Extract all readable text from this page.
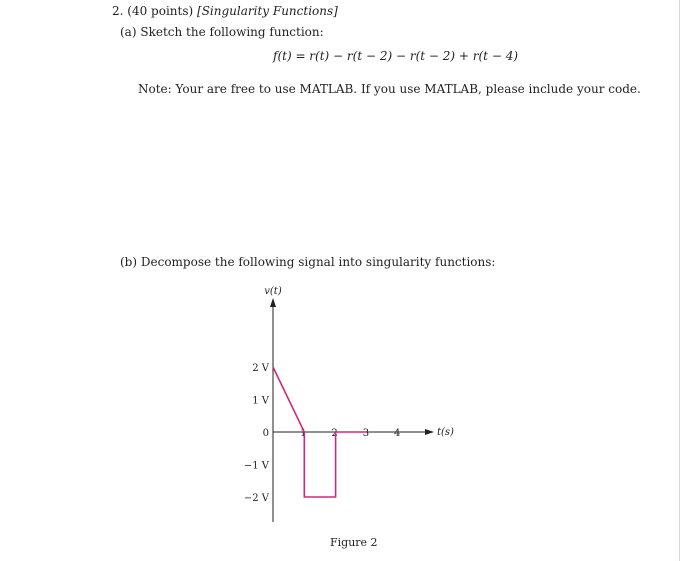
2. (40 points) [Singularity Functions]
(a) Sketch the following function:
f(t) = r(t) − r(t − 2) − r(t − 2) + r(t − 4)
Note: Your are free to use MATLAB. If you use MATLAB, please include your code.
(b) Decompose the following signal into singularity functions:
v(t)
t(s)
2 V
1 V
0
−1 V
−2 V
1 2 3 4
Figure 2
